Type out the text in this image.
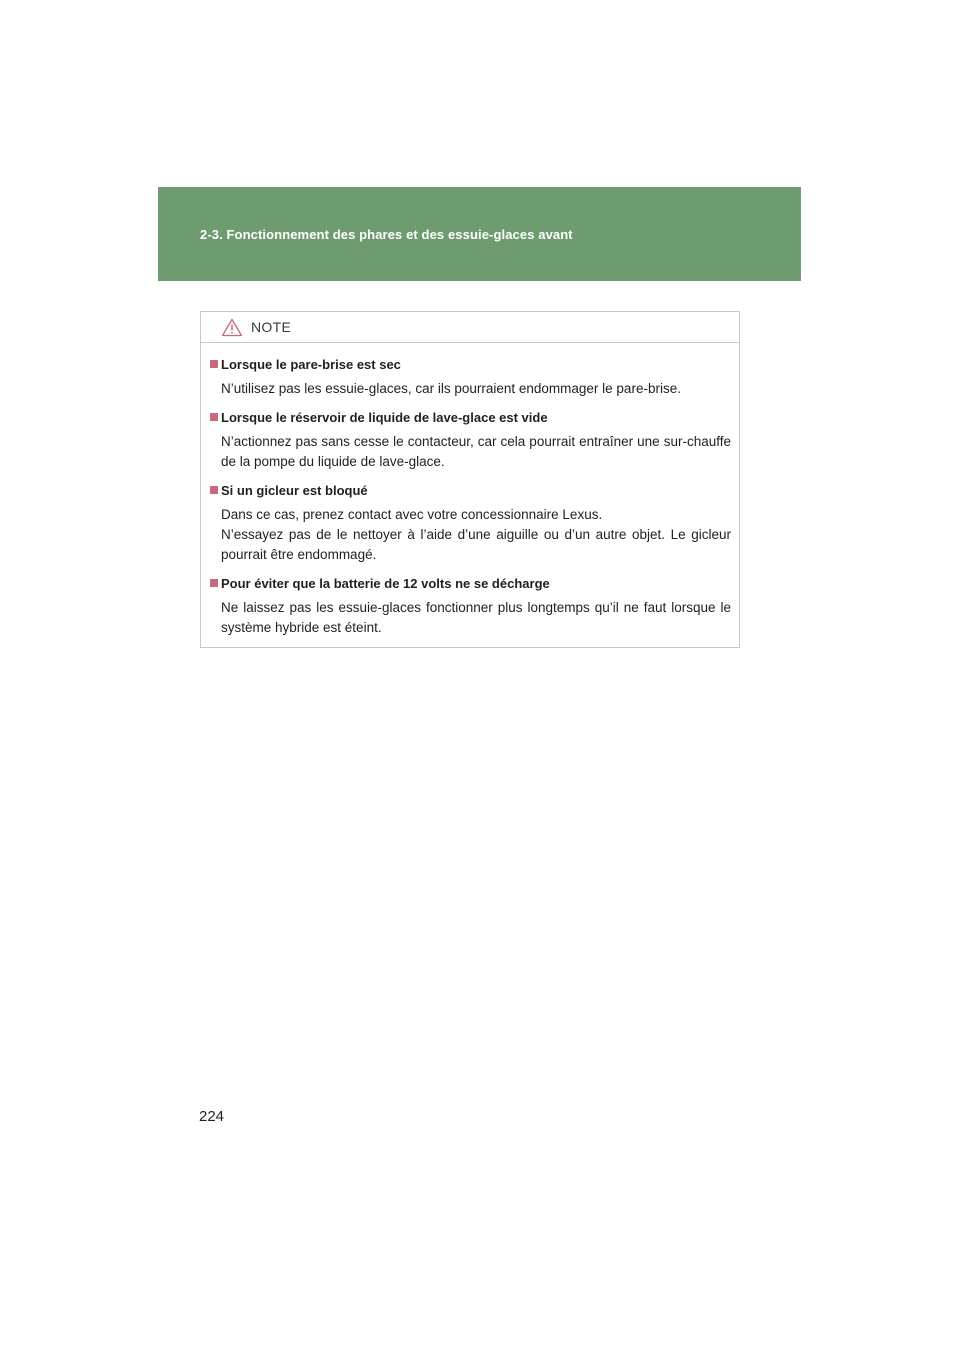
2-3. Fonctionnement des phares et des essuie-glaces avant
NOTE
Lorsque le pare-brise est sec
N’utilisez pas les essuie-glaces, car ils pourraient endommager le pare-brise.
Lorsque le réservoir de liquide de lave-glace est vide
N’actionnez pas sans cesse le contacteur, car cela pourrait entraîner une sur-chauffe de la pompe du liquide de lave-glace.
Si un gicleur est bloqué
Dans ce cas, prenez contact avec votre concessionnaire Lexus.
N’essayez pas de le nettoyer à l’aide d’une aiguille ou d’un autre objet. Le gicleur pourrait être endommagé.
Pour éviter que la batterie de 12 volts ne se décharge
Ne laissez pas les essuie-glaces fonctionner plus longtemps qu’il ne faut lorsque le système hybride est éteint.
224
